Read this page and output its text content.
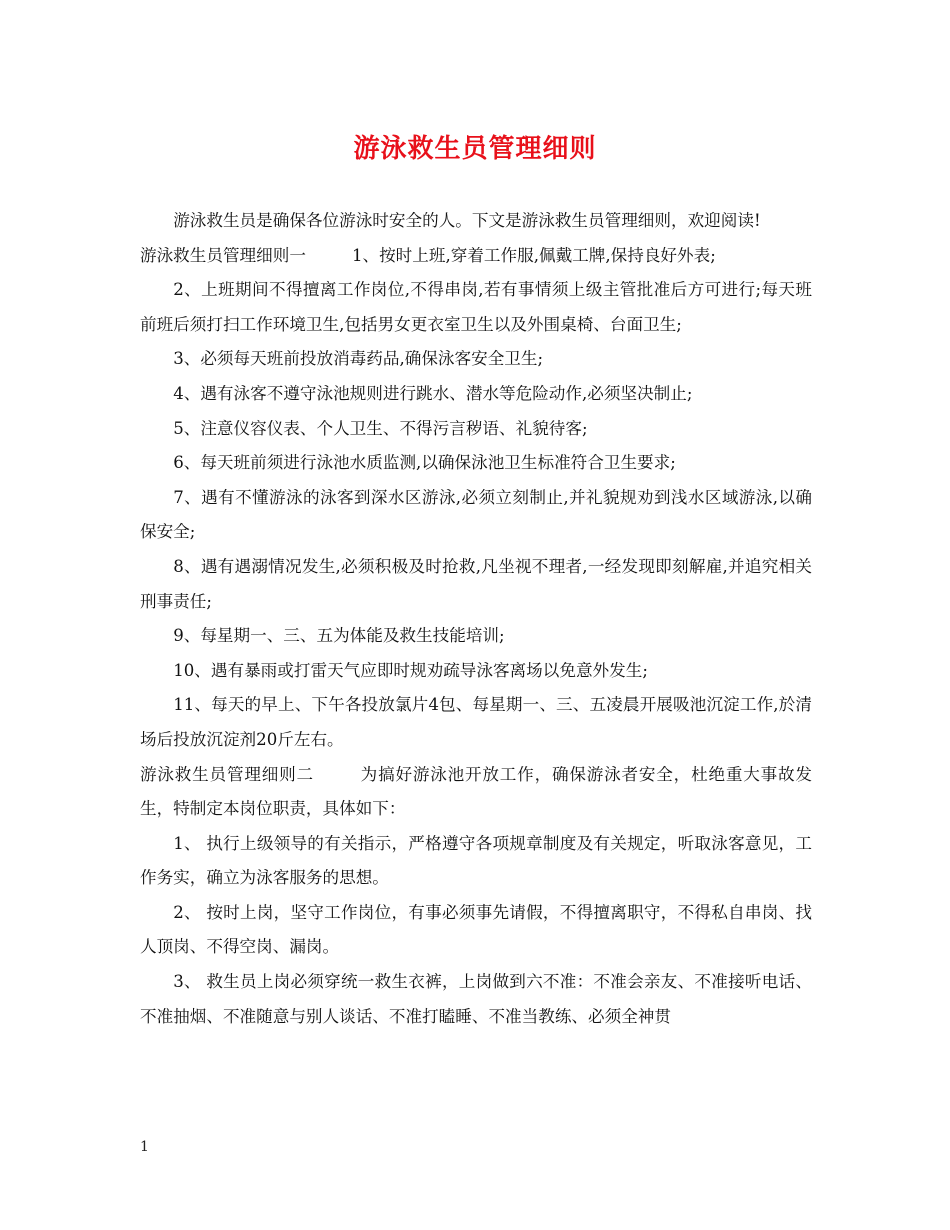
游泳救生员管理细则

游泳救生员是确保各位游泳时安全的人。下文是游泳救生员管理细则，欢迎阅读!

游泳救生员管理细则一	1、按时上班,穿着工作服,佩戴工牌,保持良好外表;

2、上班期间不得擅离工作岗位,不得串岗,若有事情须上级主管批准后方可进行;每天班前班后须打扫工作环境卫生,包括男女更衣室卫生以及外围桌椅、台面卫生;

3、必须每天班前投放消毒药品,确保泳客安全卫生;

4、遇有泳客不遵守泳池规则进行跳水、潜水等危险动作,必须坚决制止;

5、注意仪容仪表、个人卫生、不得污言秽语、礼貌待客;

6、每天班前须进行泳池水质监测,以确保泳池卫生标准符合卫生要求;

7、遇有不懂游泳的泳客到深水区游泳,必须立刻制止,并礼貌规劝到浅水区域游泳,以确保安全;

8、遇有遇溺情况发生,必须积极及时抢救,凡坐视不理者,一经发现即刻解雇,并追究相关刑事责任;

9、每星期一、三、五为体能及救生技能培训;

10、遇有暴雨或打雷天气应即时规劝疏导泳客离场以免意外发生;

11、每天的早上、下午各投放氯片4包、每星期一、三、五凌晨开展吸池沉淀工作,於清场后投放沉淀剂20斤左右。

游泳救生员管理细则二	为搞好游泳池开放工作，确保游泳者安全，杜绝重大事故发生，特制定本岗位职责，具体如下：

1、 执行上级领导的有关指示，严格遵守各项规章制度及有关规定，听取泳客意见，工作务实，确立为泳客服务的思想。

2、 按时上岗，坚守工作岗位，有事必须事先请假，不得擅离职守，不得私自串岗、找人顶岗、不得空岗、漏岗。

3、 救生员上岗必须穿统一救生衣裤，上岗做到六不准：不准会亲友、不准接听电话、不准抽烟、不准随意与别人谈话、不准打瞌睡、不准当教练、必须全神贯

1
